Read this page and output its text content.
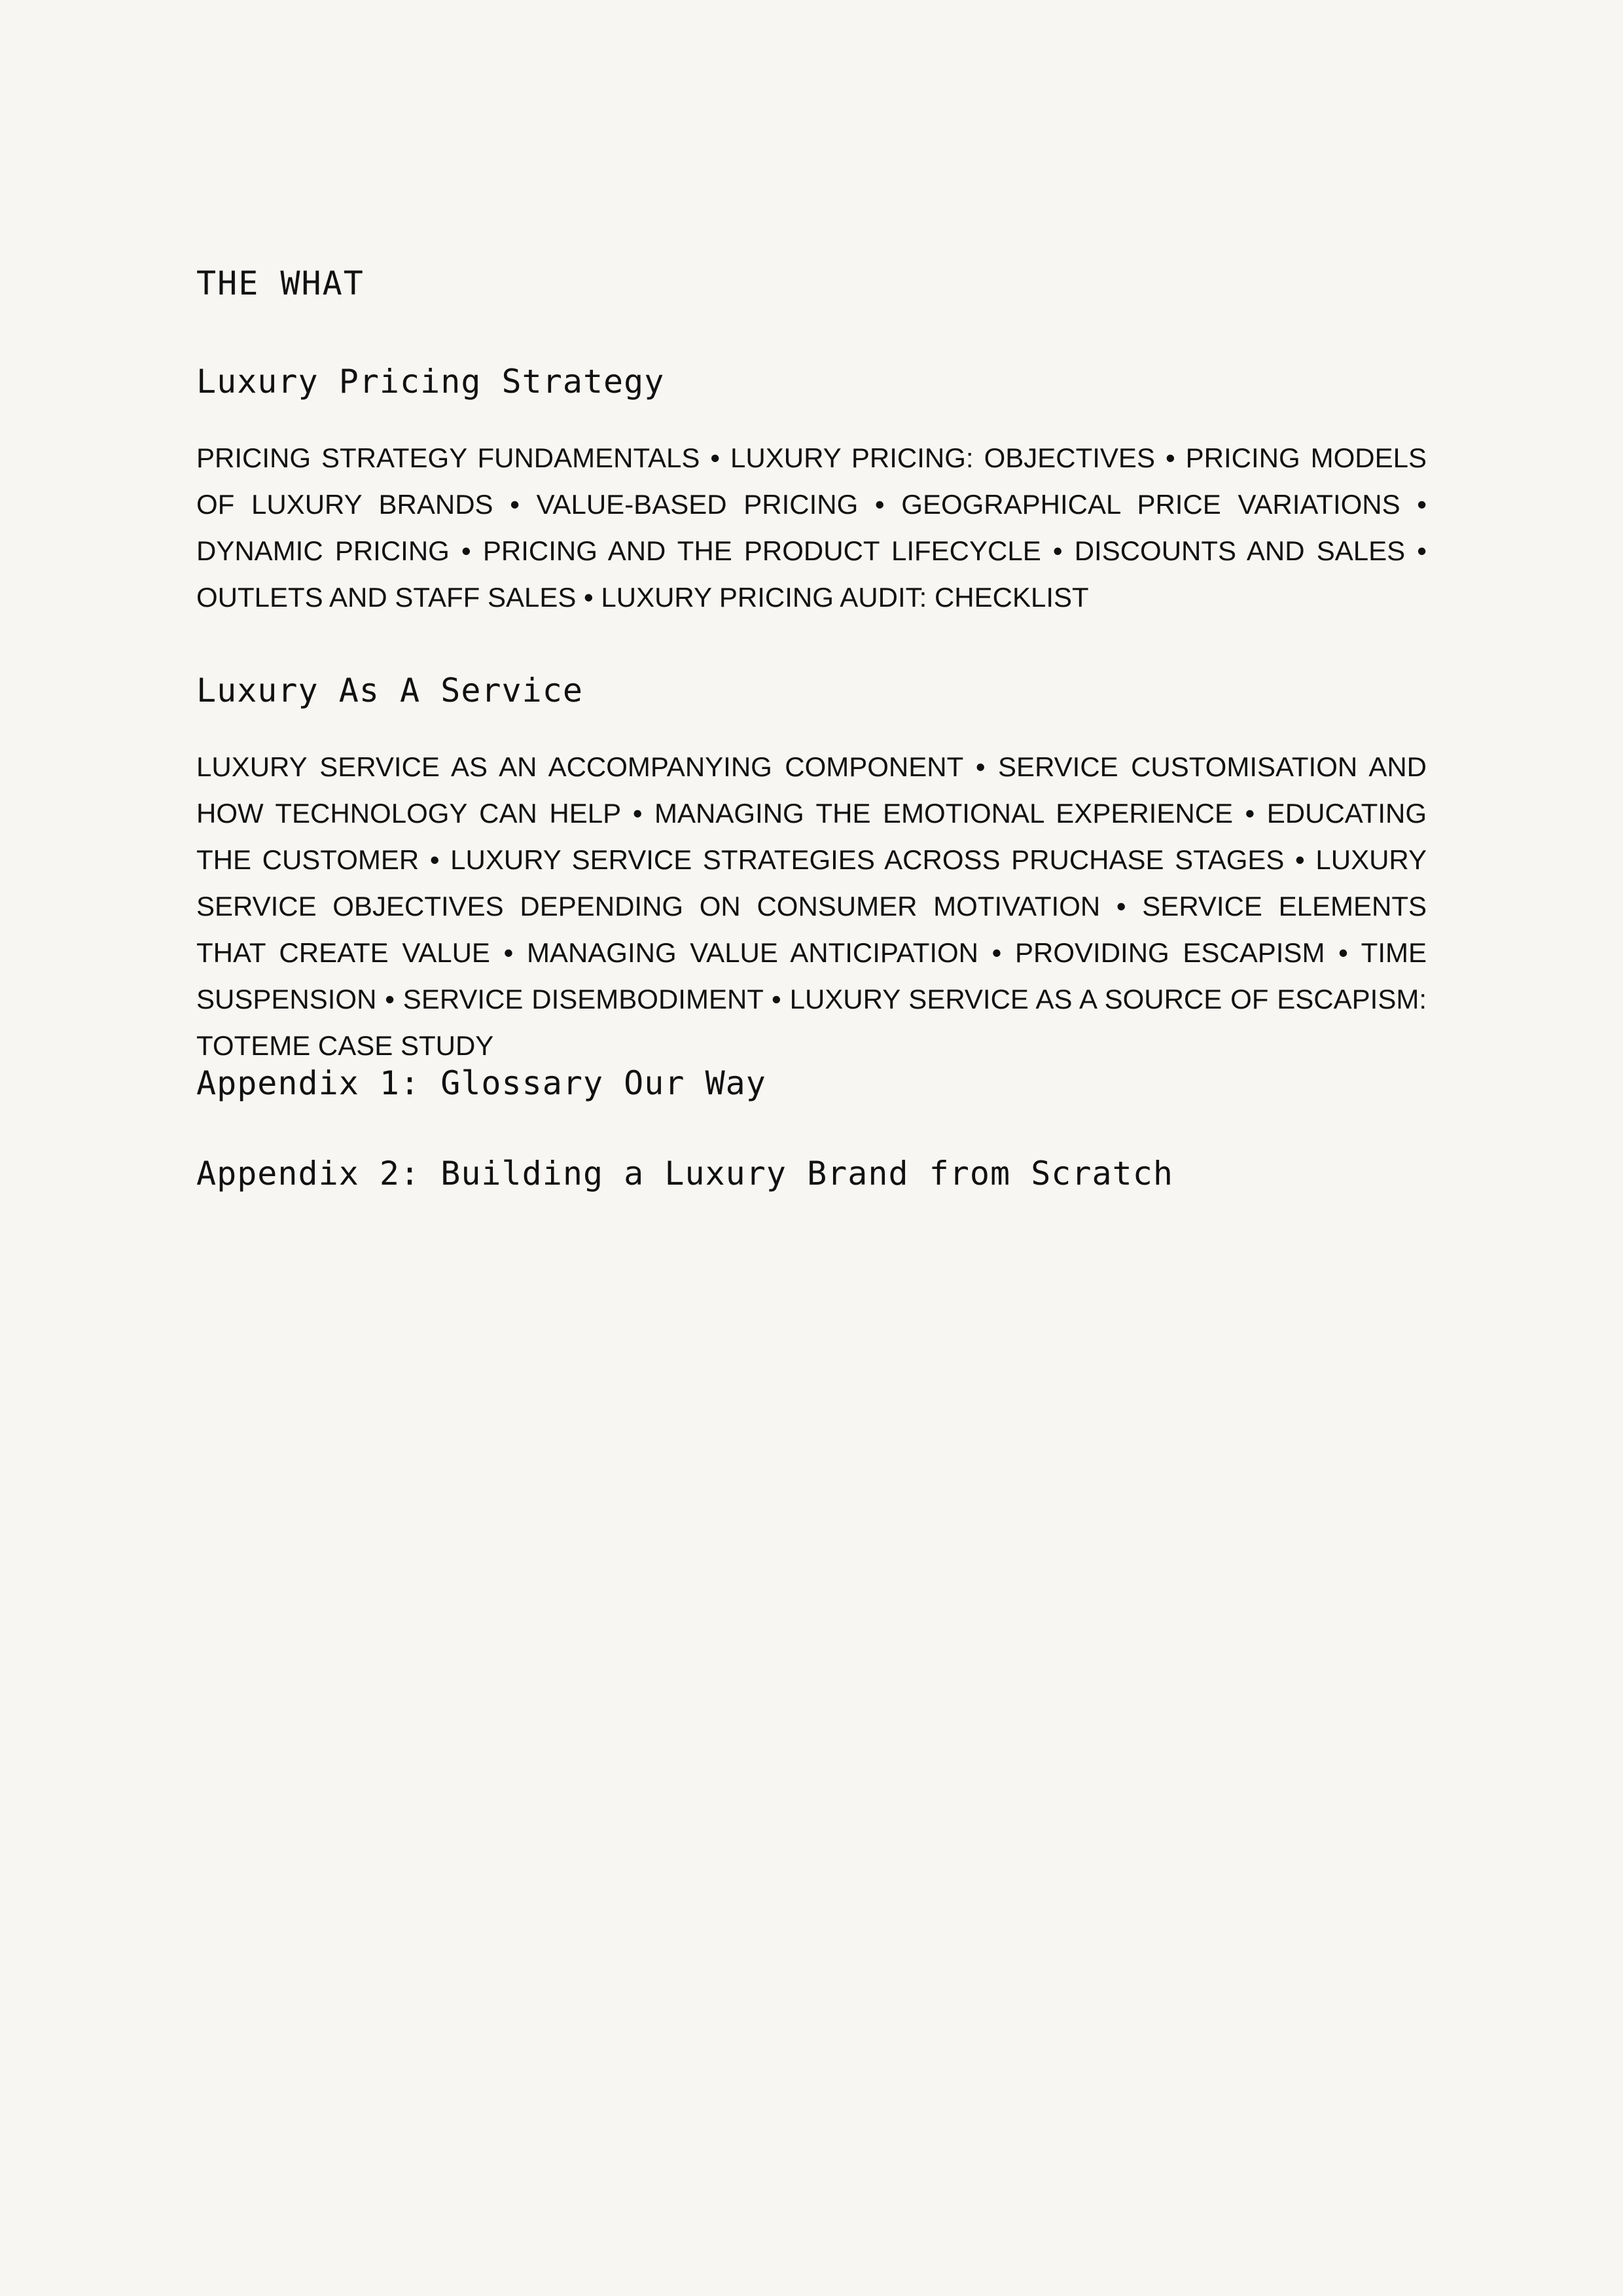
THE WHAT
Luxury Pricing Strategy

PRICING STRATEGY FUNDAMENTALS • LUXURY PRICING: OBJECTIVES • PRICING MODELS OF LUXURY BRANDS • VALUE-BASED PRICING • GEOGRAPHICAL PRICE VARIATIONS • DYNAMIC PRICING • PRICING AND THE PRODUCT LIFECYCLE • DISCOUNTS AND SALES • OUTLETS AND STAFF SALES • LUXURY PRICING AUDIT: CHECKLIST

Luxury As A Service

LUXURY SERVICE AS AN ACCOMPANYING COMPONENT • SERVICE CUSTOMISATION AND HOW TECHNOLOGY CAN HELP • MANAGING THE EMOTIONAL EXPERIENCE • EDUCATING THE CUSTOMER • LUXURY SERVICE STRATEGIES ACROSS PRUCHASE STAGES • LUXURY SERVICE OBJECTIVES DEPENDING ON CONSUMER MOTIVATION • SERVICE ELEMENTS THAT CREATE VALUE • MANAGING VALUE ANTICIPATION • PROVIDING ESCAPISM • TIME SUSPENSION • SERVICE DISEMBODIMENT • LUXURY SERVICE AS A SOURCE OF ESCAPISM: TOTEME CASE STUDY

Appendix 1: Glossary Our Way
Appendix 2: Building a Luxury Brand from Scratch
